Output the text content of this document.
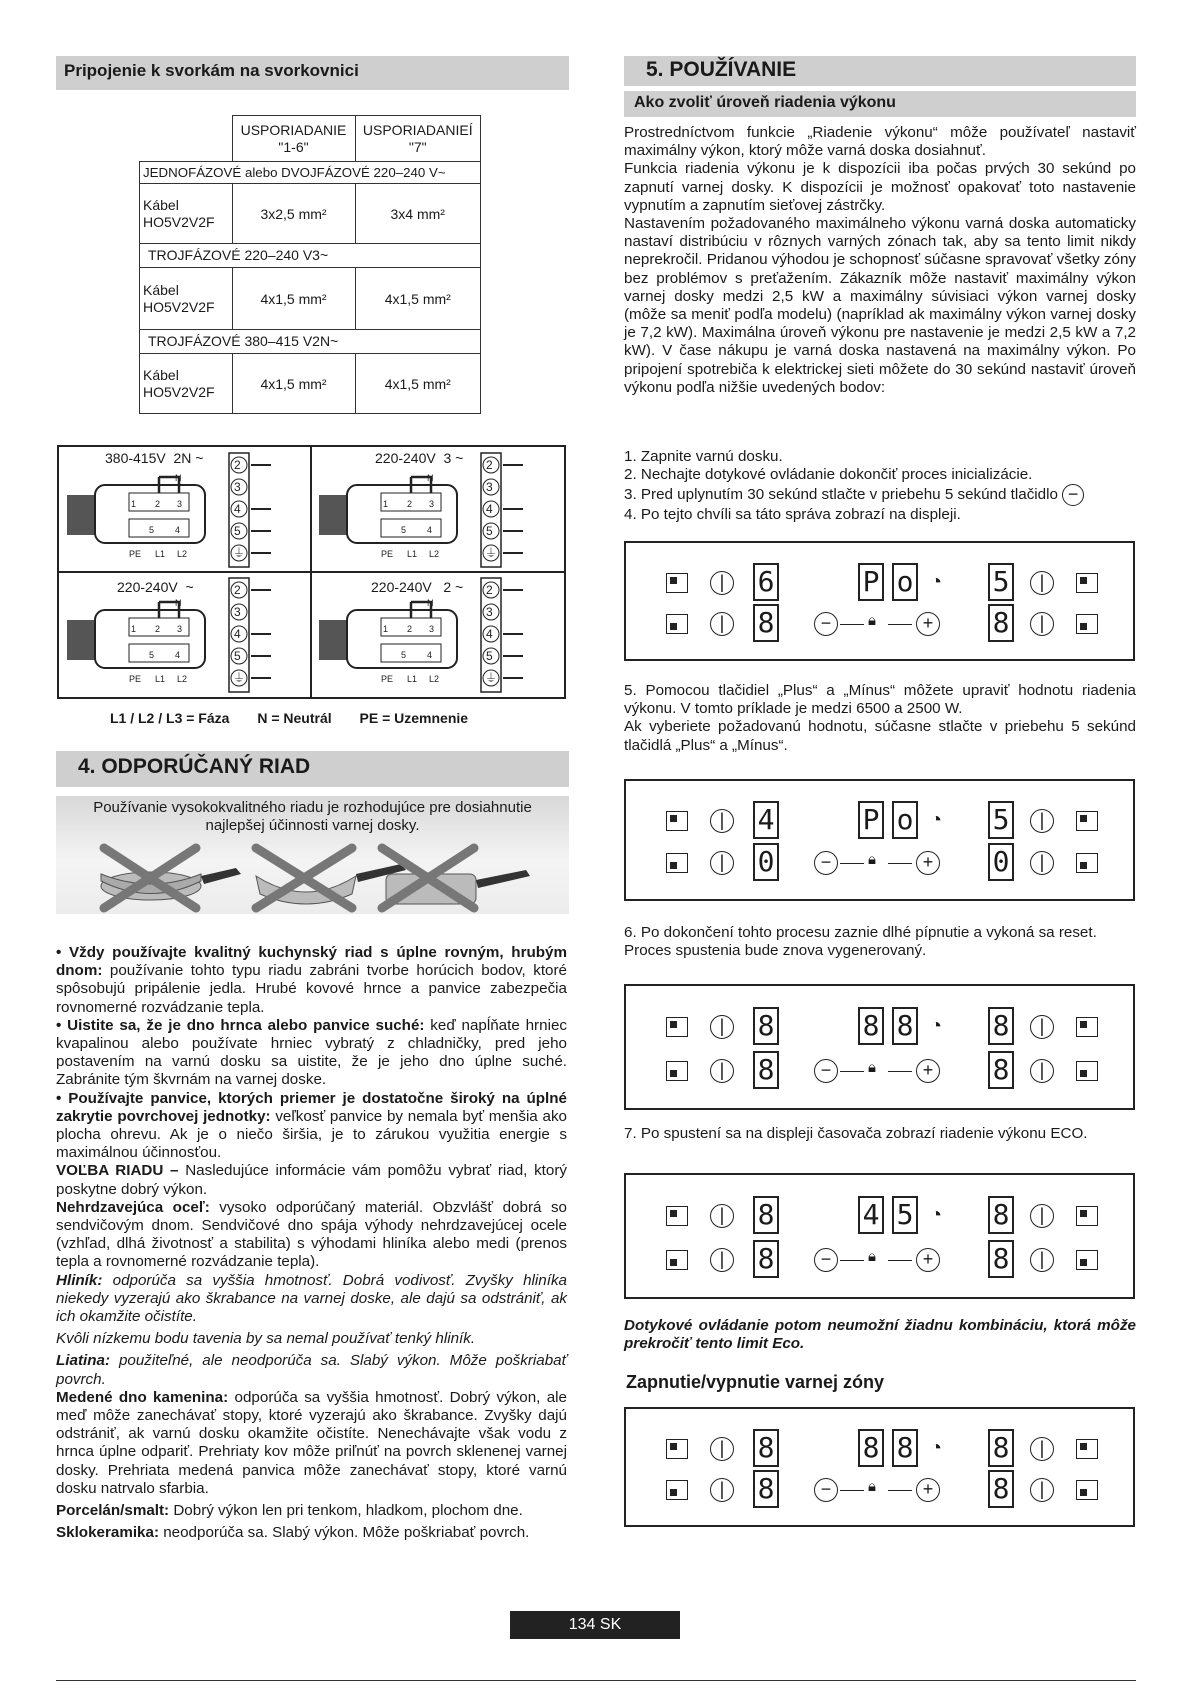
Pripojenie k svorkám na svorkovnici
	USPORIADANIE "1-6"	USPORIADANIEÍ "7"
JEDNOFÁZOVÉ alebo DVOJFÁZOVÉ 220–240 V~		
Kábel
HO5V2V2F	3x2,5 mm²	3x4 mm²
TROJFÁZOVÉ 220–240 V3~		
Kábel
HO5V2V2F	4x1,5 mm²	4x1,5 mm²
TROJFÁZOVÉ 380–415 V2N~		
Kábel
HO5V2V2F	4x1,5 mm²	4x1,5 mm²
2
3
4
5
⏚
1 2 3
5 4
PE L1 L2
N
380-415V  2N ~	220-240V  3 ~
220-240V  ~	220-240V   2 ~
L1 / L2 / L3 = Fáza N = Neutrál PE = Uzemnenie
4. ODPORÚČANÝ RIAD

Používanie vysokokvalitného riadu je rozhodujúce pre dosiahnutie najlepšej účinnosti varnej dosky.

• Vždy používajte kvalitný kuchynský riad s úplne rovným, hrubým dnom: používanie tohto typu riadu zabráni tvorbe horúcich bodov, ktoré spôsobujú pripálenie jedla. Hrubé kovové hrnce a panvice zabezpečia rovnomerné rozvádzanie tepla.

• Uistite sa, že je dno hrnca alebo panvice suché: keď napĺňate hrniec kvapalinou alebo používate hrniec vybratý z chladničky, pred jeho postavením na varnú dosku sa uistite, že je jeho dno úplne suché. Zabránite tým škvrnám na varnej doske.

• Používajte panvice, ktorých priemer je dostatočne široký na úplné zakrytie povrchovej jednotky: veľkosť panvice by nemala byť menšia ako plocha ohrevu. Ak je o niečo širšia, je to zárukou využitia energie s maximálnou účinnosťou.

VOĽBA RIADU – Nasledujúce informácie vám pomôžu vybrať riad, ktorý poskytne dobrý výkon.

Nehrdzavejúca oceľ: vysoko odporúčaný materiál. Obzvlášť dobrá so sendvičovým dnom. Sendvičové dno spája výhody nehrdzavejúcej ocele (vzhľad, dlhá životnosť a stabilita) s výhodami hliníka alebo medi (prenos tepla a rovnomerné rozvádzanie tepla).

Hliník: odporúča sa vyššia hmotnosť. Dobrá vodivosť. Zvyšky hliníka niekedy vyzerajú ako škrabance na varnej doske, ale dajú sa odstrániť, ak ich okamžite očistíte.

Kvôli nízkemu bodu tavenia by sa nemal používať tenký hliník.

Liatina: použiteľné, ale neodporúča sa. Slabý výkon. Môže poškriabať povrch.

Medené dno kamenina: odporúča sa vyššia hmotnosť. Dobrý výkon, ale meď môže zanechávať stopy, ktoré vyzerajú ako škrabance. Zvyšky dajú odstrániť, ak varnú dosku okamžite očistíte. Nenechávajte však vodu z hrnca úplne odpariť. Prehriaty kov môže priľnúť na povrch sklenenej varnej dosky. Prehriata medená panvica môže zanechávať stopy, ktoré varnú dosku natrvalo sfarbia.

Porcelán/smalt: Dobrý výkon len pri tenkom, hladkom, plochom dne.

Sklokeramika: neodporúča sa. Slabý výkon. Môže poškriabať povrch.

5. POUŽÍVANIE
Ako zvoliť úroveň riadenia výkonu

Prostredníctvom funkcie „Riadenie výkonu“ môže používateľ nastaviť maximálny výkon, ktorý môže varná doska dosiahnuť.

Funkcia riadenia výkonu je k dispozícii iba počas prvých 30 sekúnd po zapnutí varnej dosky. K dispozícii je možnosť opakovať toto nastavenie vypnutím a zapnutím sieťovej zástrčky.

Nastavením požadovaného maximálneho výkonu varná doska automaticky nastaví distribúciu v rôznych varných zónach tak, aby sa tento limit nikdy neprekročil. Pridanou výhodou je schopnosť súčasne spravovať všetky zóny bez problémov s preťažením. Zákazník môže nastaviť maximálny výkon varnej dosky medzi 2,5 kW a maximálny súvisiaci výkon varnej dosky (môže sa meniť podľa modelu) (napríklad ak maximálny výkon varnej dosky je 7,2 kW). Maximálna úroveň výkonu pre nastavenie je medzi 2,5 kW a 7,2 kW). V čase nákupu je varná doska nastavená na maximálny výkon. Po pripojení spotrebiča k elektrickej sieti môžete do 30 sekúnd nastaviť úroveň výkonu podľa nižšie uvedených bodov:

1. Zapnite varnú dosku.

2. Nechajte dotykové ovládanie dokončiť proces inicializácie.

3. Pred uplynutím 30 sekúnd stlačte v priebehu 5 sekúnd tlačidlo −

4. Po tejto chvíli sa táto správa zobrazí na displeji.

|	6	P o ◔ 5	|
|	8	−	🔒︎	+ 8	|

5. Pomocou tlačidiel „Plus“ a „Mínus“ môžete upraviť hodnotu riadenia výkonu. V tomto príklade je medzi 6500 a 2500 W.

Ak vyberiete požadovanú hodnotu, súčasne stlačte v priebehu 5 sekúnd tlačidlá „Plus“ a „Mínus“.

|	4	P o ◔ 5	|
|	0	−	🔒︎	+ 0	|
6. Po dokončení tohto procesu zaznie dlhé pípnutie a vykoná sa reset. Proces spustenia bude znova vygenerovaný.
|	8	8 8 ◔ 8	|
|	8	−	🔒︎	+ 8	|
7. Po spustení sa na displeji časovača zobrazí riadenie výkonu ECO.
|	8	4 5 ◔ 8	|
|	8	−	🔒︎	+ 8	|
Dotykové ovládanie potom neumožní žiadnu kombináciu, ktorá môže prekročiť tento limit Eco.
Zapnutie/vypnutie varnej zóny
|	8	8 8 ◔ 8	|
|	8	−	🔒︎	+ 8	|
134 SK
